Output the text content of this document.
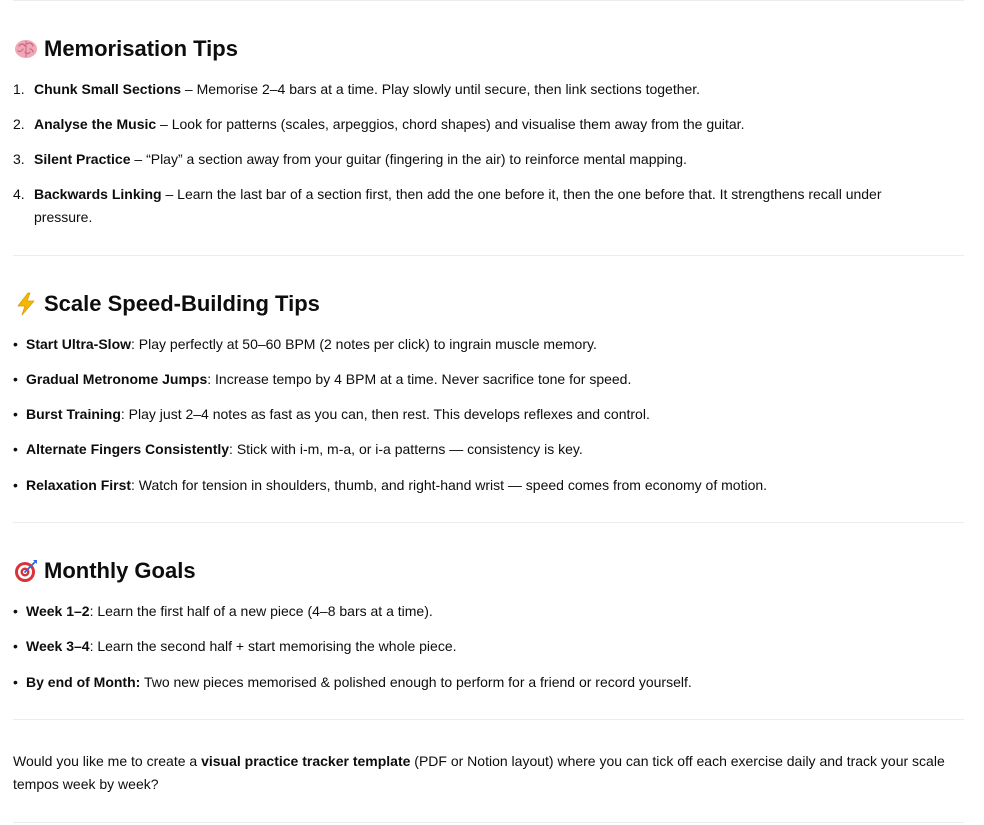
Memorisation Tips
1. Chunk Small Sections – Memorise 2–4 bars at a time. Play slowly until secure, then link sections together.
2. Analyse the Music – Look for patterns (scales, arpeggios, chord shapes) and visualise them away from the guitar.
3. Silent Practice – “Play” a section away from your guitar (fingering in the air) to reinforce mental mapping.
4. Backwards Linking – Learn the last bar of a section first, then add the one before it, then the one before that. It strengthens recall under pressure.
Scale Speed-Building Tips
• Start Ultra-Slow: Play perfectly at 50–60 BPM (2 notes per click) to ingrain muscle memory.
• Gradual Metronome Jumps: Increase tempo by 4 BPM at a time. Never sacrifice tone for speed.
• Burst Training: Play just 2–4 notes as fast as you can, then rest. This develops reflexes and control.
• Alternate Fingers Consistently: Stick with i-m, m-a, or i-a patterns — consistency is key.
• Relaxation First: Watch for tension in shoulders, thumb, and right-hand wrist — speed comes from economy of motion.
Monthly Goals
• Week 1–2: Learn the first half of a new piece (4–8 bars at a time).
• Week 3–4: Learn the second half + start memorising the whole piece.
• By end of Month: Two new pieces memorised & polished enough to perform for a friend or record yourself.

Would you like me to create a visual practice tracker template (PDF or Notion layout) where you can tick off each exercise daily and track your scale tempos week by week?
